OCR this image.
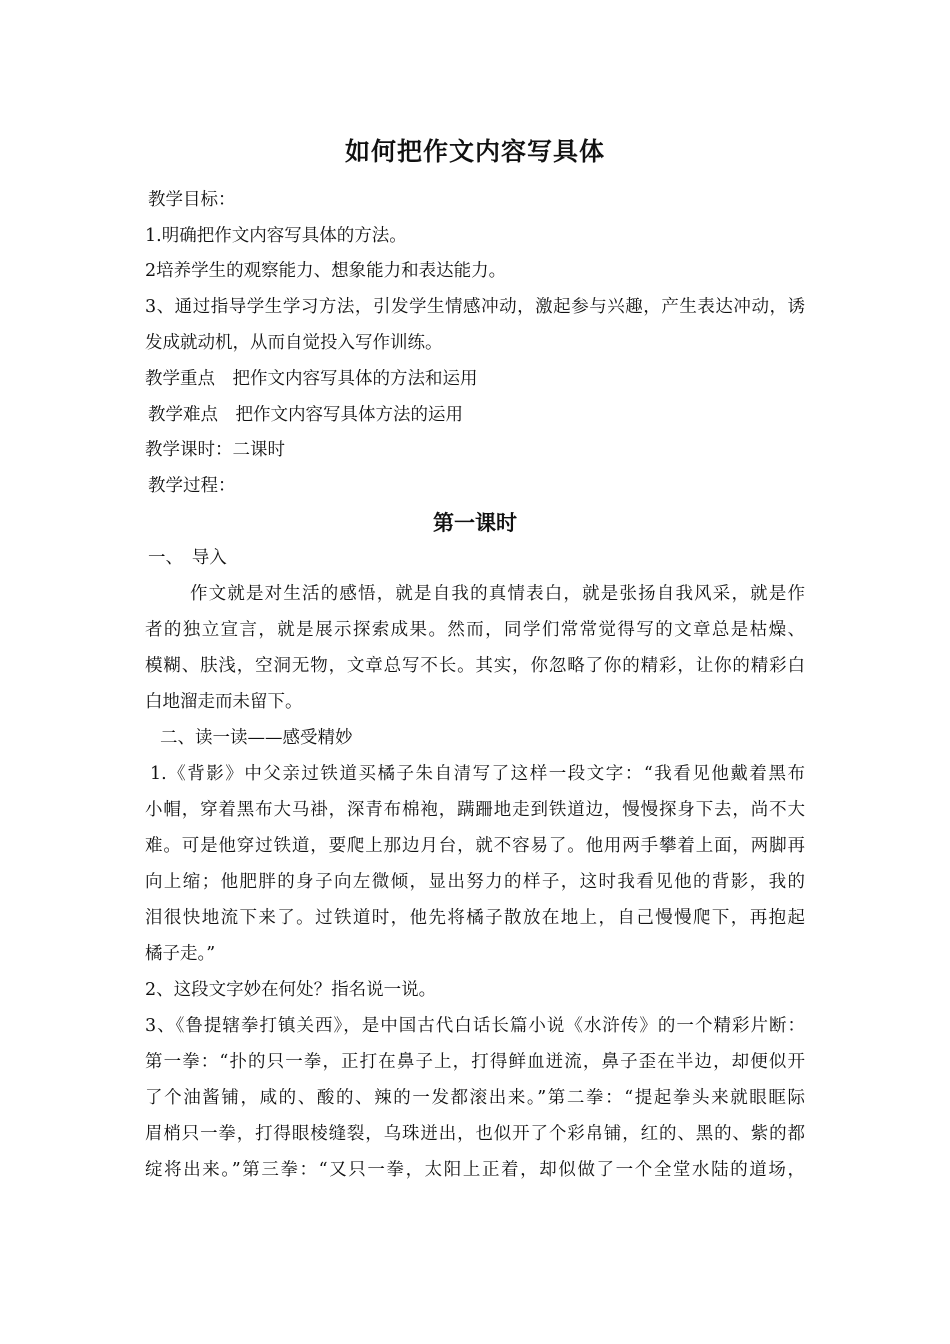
如何把作文内容写具体
教学目标：
1.明确把作文内容写具体的方法。
2培养学生的观察能力、想象能力和表达能力。
3、通过指导学生学习方法，引发学生情感冲动，激起参与兴趣，产生表达冲动，诱
发成就动机，从而自觉投入写作训练。
教学重点　把作文内容写具体的方法和运用
教学难点　把作文内容写具体方法的运用
教学课时：二课时
教学过程：
第一课时
一、　导入
作文就是对生活的感悟，就是自我的真情表白，就是张扬自我风采，就是作
者的独立宣言，就是展示探索成果。然而，同学们常常觉得写的文章总是枯燥、
模糊、肤浅，空洞无物，文章总写不长。其实，你忽略了你的精彩，让你的精彩白
白地溜走而未留下。
二、读一读——感受精妙
1.《背影》中父亲过铁道买橘子朱自清写了这样一段文字：“我看见他戴着黑布
小帽，穿着黑布大马褂，深青布棉袍，蹒跚地走到铁道边，慢慢探身下去，尚不大
难。可是他穿过铁道，要爬上那边月台，就不容易了。他用两手攀着上面，两脚再
向上缩；他肥胖的身子向左微倾，显出努力的样子，这时我看见他的背影，我的
泪很快地流下来了。过铁道时，他先将橘子散放在地上，自己慢慢爬下，再抱起
橘子走。”
2、这段文字妙在何处？指名说一说。
3、《鲁提辖拳打镇关西》，是中国古代白话长篇小说《水浒传》的一个精彩片断：
第一拳：“扑的只一拳，正打在鼻子上，打得鲜血迸流，鼻子歪在半边，却便似开
了个油酱铺，咸的、酸的、辣的一发都滚出来。”第二拳：“提起拳头来就眼眶际
眉梢只一拳，打得眼棱缝裂，乌珠迸出，也似开了个彩帛铺，红的、黑的、紫的都
绽将出来。”第三拳：“又只一拳，太阳上正着，却似做了一个全堂水陆的道场，
